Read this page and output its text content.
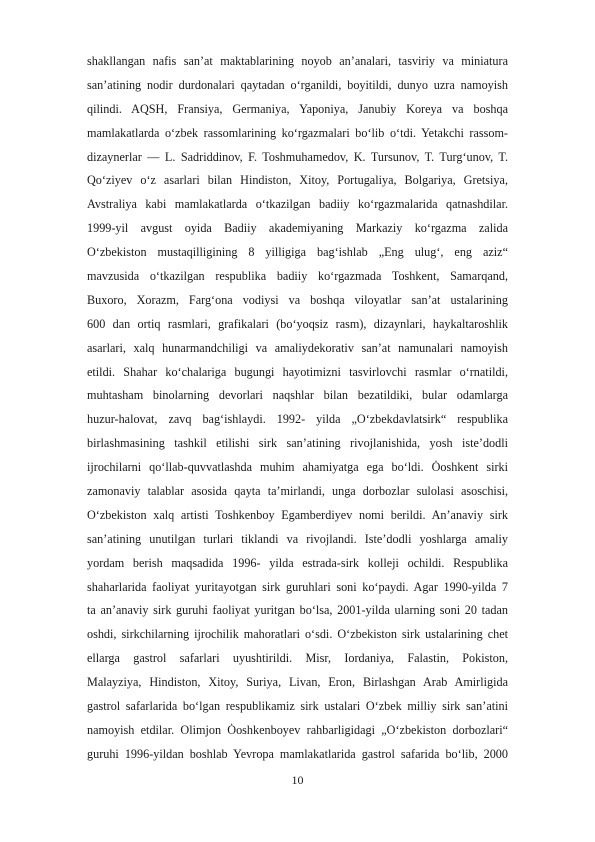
shakllangan nafis san’at maktablarining noyob an’analari, tasviriy va miniatura
san’atining nodir durdonalari qaytadan o‘rganildi, boyitildi, dunyo uzra namoyish
qilindi. AQSH, Fransiya, Germaniya, Yaponiya, Janubiy Koreya va boshqa
mamlakatlarda o‘zbek rassomlarining ko‘rgazmalari bo‘lib o‘tdi. Yetakchi rassom-
dizaynerlar — L. Sadriddinov, F. Toshmuhamedov, K. Tursunov, T. Turg‘unov, T.
Qo‘ziyev o‘z asarlari bilan Hindiston, Xitoy, Portugaliya, Bolgariya, Gretsiya,
Avstraliya kabi mamlakatlarda o‘tkazilgan badiiy ko‘rgazmalarida qatnashdilar.
1999-yil avgust oyida Badiiy akademiyaning Markaziy ko‘rgazma zalida
O‘zbekiston mustaqilligining 8 yilligiga bag‘ishlab „Eng ulug‘, eng aziz“
mavzusida o‘tkazilgan respublika badiiy ko‘rgazmada Toshkent, Samarqand,
Buxoro, Xorazm, Farg‘ona vodiysi va boshqa viloyatlar san’at ustalarining
600 dan ortiq rasmlari, grafikalari (bo‘yoqsiz rasm), dizaynlari, haykaltaroshlik
asarlari, xalq hunarmandchiligi va amaliydekorativ san’at namunalari namoyish
etildi. Shahar ko‘chalariga bugungi hayotimizni tasvirlovchi rasmlar o‘rnatildi,
muhtasham binolarning devorlari naqshlar bilan bezatildiki, bular odamlarga
huzur-halovat, zavq bag‘ishlaydi. 1992- yilda „O‘zbekdavlatsirk“ respublika
birlashmasining tashkil etilishi sirk san’atining rivojlanishida, yosh iste’dodli
ijrochilarni qo‘llab-quvvatlashda muhim ahamiyatga ega bo‘ldi. Ȯoshkent sirki
zamonaviy talablar asosida qayta ta’mirlandi, unga dorbozlar sulolasi asoschisi,
O‘zbekiston xalq artisti Toshkenboy Egamberdiyev nomi berildi. An’anaviy sirk
san’atining unutilgan turlari tiklandi va rivojlandi. Iste’dodli yoshlarga amaliy
yordam berish maqsadida 1996- yilda estrada-sirk kolleji ochildi. Respublika
shaharlarida faoliyat yuritayotgan sirk guruhlari soni ko‘paydi. Agar 1990-yilda 7
ta an’anaviy sirk guruhi faoliyat yuritgan bo‘lsa, 2001-yilda ularning soni 20 tadan
oshdi, sirkchilarning ijrochilik mahoratlari o‘sdi. O‘zbekiston sirk ustalarining chet
ellarga gastrol safarlari uyushtirildi. Misr, Iordaniya, Falastin, Pokiston,
Malayziya, Hindiston, Xitoy, Suriya, Livan, Eron, Birlashgan Arab Amirligida
gastrol safarlarida bo‘lgan respublikamiz sirk ustalari O‘zbek milliy sirk san’atini
namoyish etdilar. Olimjon Ȯoshkenboyev rahbarligidagi „O‘zbekiston dorbozlari“
guruhi 1996-yildan boshlab Yevropa mamlakatlarida gastrol safarida bo‘lib, 2000
10
